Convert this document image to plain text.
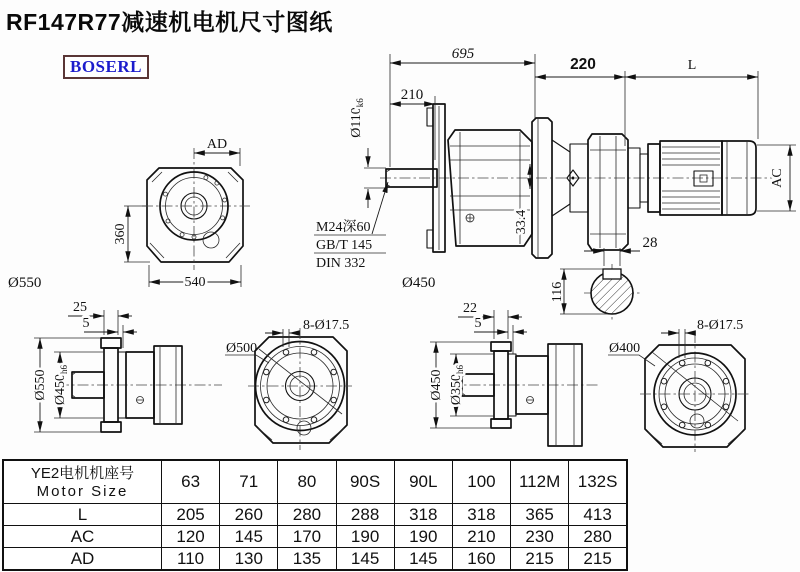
RF147R77减速机电机尺寸图纸
BOSERL
AD
360
540
Ø550
695
210
220	L
AC
$Ø110_{k6}$
M24深60
GB/T 145
DIN 332
33.4
Ø450	116
28
25
5
Ø550 $Ø450_{h6}$
8-Ø17.5
Ø500
22
5
Ø450 $Ø350_{h6}$
8-Ø17.5
Ø400
YE2电机机座号
Motor Size	63	71	80	90S	90L	100	112M	132S
L	205	260	280	288	318	318	365	413
AC	120	145	170	190	190	210	230	280
AD	110	130	135	145	145	160	215	215
